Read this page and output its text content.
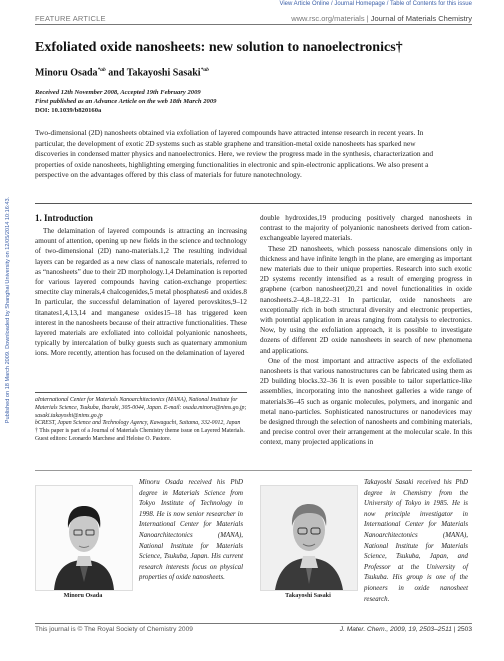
View Article Online / Journal Homepage / Table of Contents for this issue
FEATURE ARTICLE	www.rsc.org/materials | Journal of Materials Chemistry
Published on 18 March 2009. Downloaded by Shanghai University on 12/05/2014 10:16:43.
Exfoliated oxide nanosheets: new solution to nanoelectronics†
Minoru Osada$^{*ab}$ and Takayoshi Sasaki$^{*ab}$
Received 12th November 2008, Accepted 19th February 2009
First published as an Advance Article on the web 18th March 2009
DOI: 10.1039/b820160a
Two-dimensional (2D) nanosheets obtained via exfoliation of layered compounds have attracted intense research in recent years. In particular, the development of exotic 2D systems such as stable graphene and transition-metal oxide nanosheets has sparked new discoveries in condensed matter physics and nanoelectronics. Here, we review the progress made in the synthesis, characterization and properties of oxide nanosheets, highlighting emerging functionalities in electronic and spin-electronic applications. We also present a perspective on the advantages offered by this class of materials for future nanotechnology.
1. Introduction

The delamination of layered compounds is attracting an increasing amount of attention, opening up new fields in the science and technology of two-dimensional (2D) nano-materials.1,2 The resulting individual layers can be regarded as a new class of nanoscale materials, referred to as “nanosheets” due to their 2D morphology.1,4 Delamination is reported for various layered compounds having cation-exchange properties: smectite clay minerals,4 chalcogenides,5 metal phosphates6 and oxides.8 In particular, the successful delamination of layered perovskites,9–12 titanates1,4,13,14 and manganese oxides15–18 has triggered keen interest in the nanosheets because of their attractive functionalities. These layered materials are exfoliated into colloidal polyanionic nanosheets, typically by intercalation of bulky guests such as quaternary ammonium ions. More recently, attention has focused on the delamination of layered

aInternational Center for Materials Nanoarchitectonics (MANA), National Institute for Materials Science, Tsukuba, Ibaraki, 305-0044, Japan. E-mail: osada.minoru@nims.go.jp; sasaki.takayoshi@nims.go.jp

bCREST, Japan Science and Technology Agency, Kawaguchi, Saitama, 332-0012, Japan

† This paper is part of a Journal of Materials Chemistry theme issue on Layered Materials. Guest editors: Leonardo Marchese and Heloise O. Pastore.

double hydroxides,19 producing positively charged nanosheets in contrast to the majority of polyanionic nanosheets derived from cation-exchangeable layered materials.

These 2D nanosheets, which possess nanoscale dimensions only in thickness and have infinite length in the plane, are emerging as important new materials due to their unique properties. Research into such exotic 2D systems recently intensified as a result of emerging progress in graphene (carbon nanosheet)20,21 and novel functionalities in oxide nanosheets.2–4,8–18,22–31 In particular, oxide nanosheets are exceptionally rich in both structural diversity and electronic properties, with potential application in areas ranging from catalysis to electronics. Now, by using the exfoliation approach, it is possible to investigate dozens of different 2D oxide nanosheets in search of new phenomena and applications.

One of the most important and attractive aspects of the exfoliated nanosheets is that various nanostructures can be fabricated using them as 2D building blocks.32–36 It is even possible to tailor superlattice-like assemblies, incorporating into the nanosheet galleries a wide range of materials36–45 such as organic molecules, polymers, and inorganic and metal nano-particles. Sophisticated nanostructures or nanodevices may be designed through the selection of nanosheets and combining materials, and precise control over their arrangement at the molecular scale. In this context, many projected applications in

Minoru Osada
Minoru Osada received his PhD degree in Materials Science from Tokyo Institute of Technology in 1998. He is now senior researcher in International Center for Materials Nanoarchitectonics (MANA), National Institute for Materials Science, Tsukuba, Japan. His current research interests focus on physical properties of oxide nanosheets.
Takayoshi Sasaki
Takayoshi Sasaki received his PhD degree in Chemistry from the University of Tokyo in 1985. He is now principle investigator in International Center for Materials Nanoarchitectonics (MANA), National Institute for Materials Science, Tsukuba, Japan, and Professor at the University of Tsukuba. His group is one of the pioneers in oxide nanosheet research.
This journal is © The Royal Society of Chemistry 2009	J. Mater. Chem., 2009, 19, 2503–2511 | 2503
